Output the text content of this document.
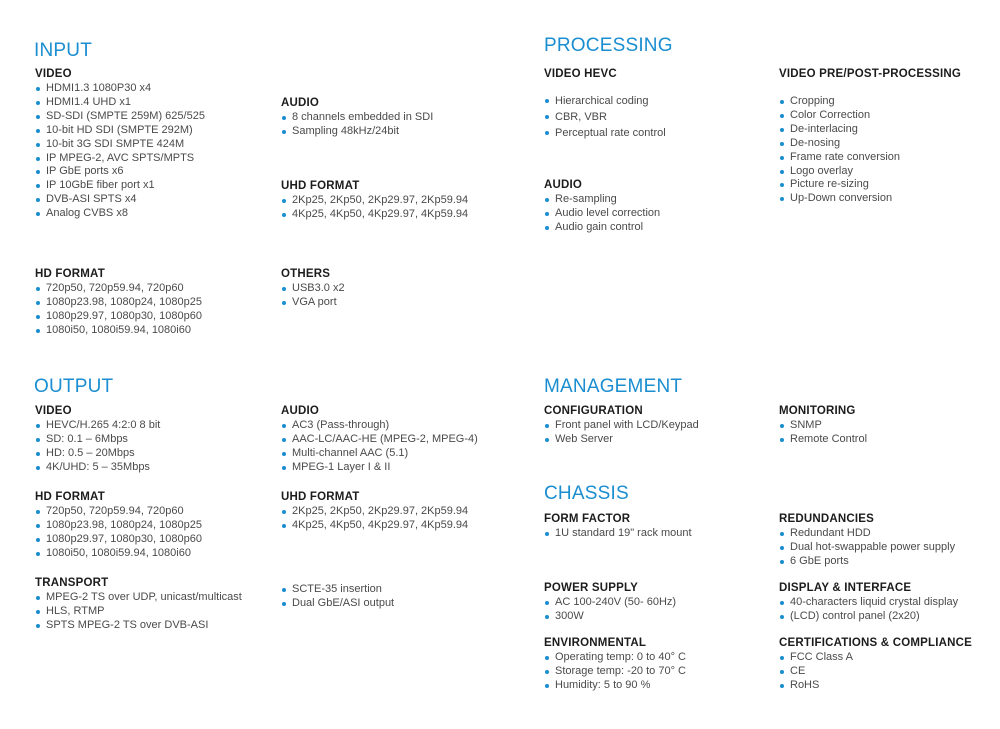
INPUT	PROCESSING
OUTPUT	MANAGEMENT
CHASSIS
VIDEO
HDMI1.3 1080P30 x4
HDMI1.4 UHD x1
SD-SDI (SMPTE 259M) 625/525
10-bit HD SDI (SMPTE 292M)
10-bit 3G SDI SMPTE 424M
IP MPEG-2, AVC SPTS/MPTS
IP GbE ports x6
IP 10GbE fiber port x1
DVB-ASI SPTS x4
Analog CVBS x8
AUDIO
8 channels embedded in SDI
Sampling 48kHz/24bit
UHD FORMAT
2Kp25, 2Kp50, 2Kp29.97, 2Kp59.94
4Kp25, 4Kp50, 4Kp29.97, 4Kp59.94
HD FORMAT
720p50, 720p59.94, 720p60
1080p23.98, 1080p24, 1080p25
1080p29.97, 1080p30, 1080p60
1080i50, 1080i59.94, 1080i60
OTHERS
USB3.0 x2
VGA port
VIDEO HEVC
Hierarchical coding
CBR, VBR
Perceptual rate control
VIDEO PRE/POST-PROCESSING
Cropping
Color Correction
De-interlacing
De-nosing
Frame rate conversion
Logo overlay
Picture re-sizing
Up-Down conversion
AUDIO
Re-sampling
Audio level correction
Audio gain control
VIDEO
HEVC/H.265 4:2:0 8 bit
SD: 0.1 – 6Mbps
HD: 0.5 – 20Mbps
4K/UHD: 5 – 35Mbps
AUDIO
AC3 (Pass-through)
AAC-LC/AAC-HE (MPEG-2, MPEG-4)
Multi-channel AAC (5.1)
MPEG-1 Layer I & II
HD FORMAT
720p50, 720p59.94, 720p60
1080p23.98, 1080p24, 1080p25
1080p29.97, 1080p30, 1080p60
1080i50, 1080i59.94, 1080i60
UHD FORMAT
2Kp25, 2Kp50, 2Kp29.97, 2Kp59.94
4Kp25, 4Kp50, 4Kp29.97, 4Kp59.94
TRANSPORT
MPEG-2 TS over UDP, unicast/multicast
HLS, RTMP
SPTS MPEG-2 TS over DVB-ASI
SCTE-35 insertion
Dual GbE/ASI output
CONFIGURATION
Front panel with LCD/Keypad
Web Server
MONITORING
SNMP
Remote Control
FORM FACTOR
1U standard 19" rack mount
REDUNDANCIES
Redundant HDD
Dual hot-swappable power supply
6 GbE ports
POWER SUPPLY
AC 100-240V (50- 60Hz)
300W
DISPLAY & INTERFACE
40-characters liquid crystal display
(LCD) control panel (2x20)
ENVIRONMENTAL
Operating temp: 0 to 40° C
Storage temp: -20 to 70° C
Humidity: 5 to 90 %
CERTIFICATIONS & COMPLIANCE
FCC Class A
CE
RoHS
